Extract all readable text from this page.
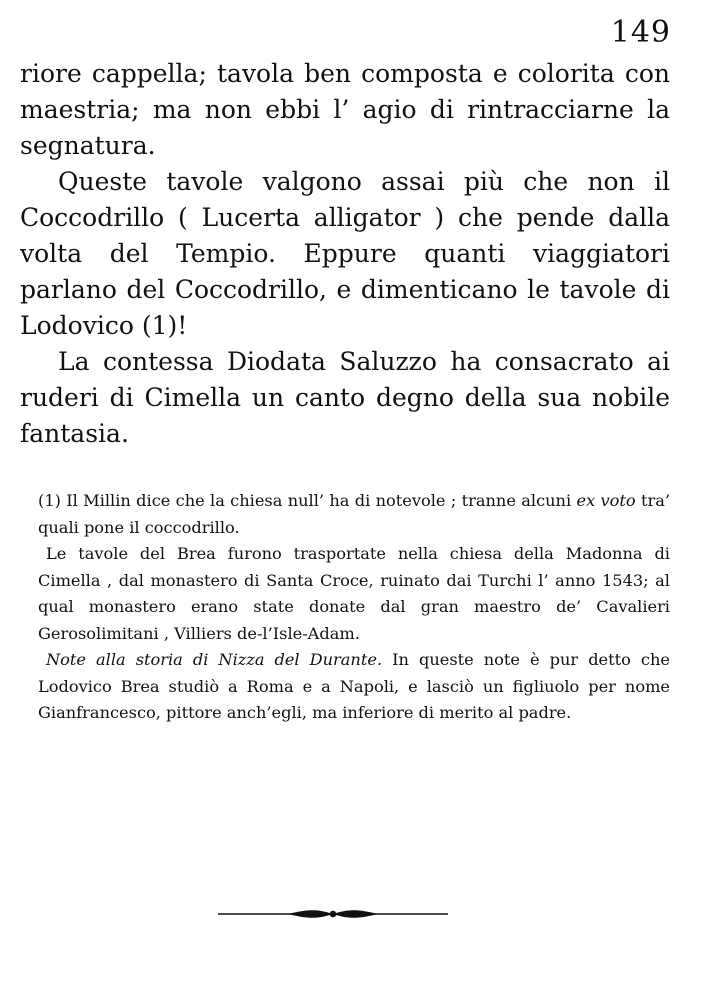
149

riore cappella; tavola ben composta e colorita con maestria; ma non ebbi l’ agio di rintracciarne la segnatura.

Queste tavole valgono assai più che non il Coccodrillo ( Lucerta alligator ) che pende dalla volta del Tempio. Eppure quanti viaggiatori parlano del Coccodrillo, e dimenticano le tavole di Lodovico (1)!

La contessa Diodata Saluzzo ha consacrato ai ruderi di Cimella un canto degno della sua nobile fantasia.

(1) Il Millin dice che la chiesa null’ ha di notevole ; tranne alcuni ex voto tra’ quali pone il coccodrillo.

Le tavole del Brea furono trasportate nella chiesa della Madonna di Cimella , dal monastero di Santa Croce, ruinato dai Turchi l’ anno 1543; al qual monastero erano state donate dal gran maestro de’ Cavalieri Gerosolimitani , Villiers de-l’Isle-Adam.

Note alla storia di Nizza del Durante. In queste note è pur detto che Lodovico Brea studiò a Roma e a Napoli, e lasciò un figliuolo per nome Gianfrancesco, pittore anch’egli, ma inferiore di merito al padre.
